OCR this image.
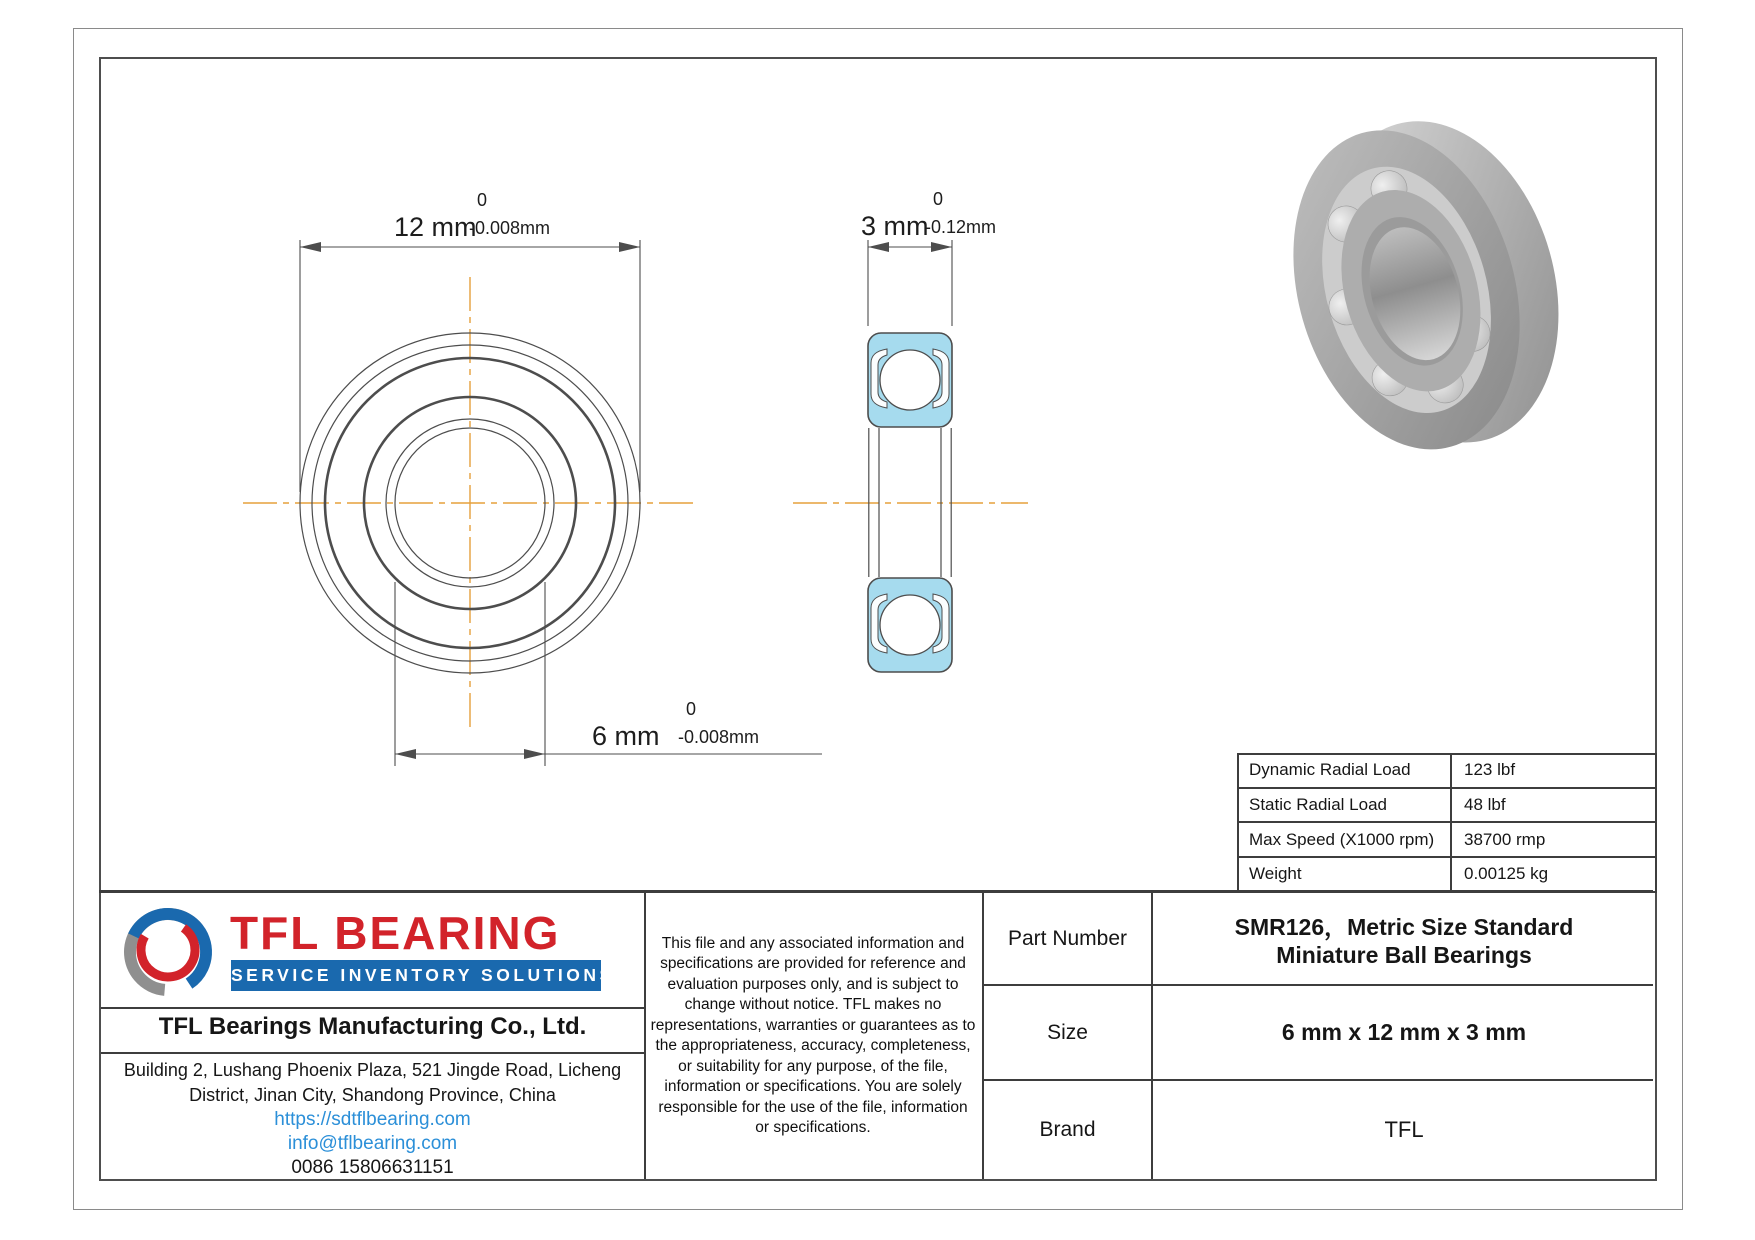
12 mm
0
-0.008mm
6 mm
0
-0.008mm
3 mm
0
-0.12mm
Dynamic Radial Load	123 lbf
Static Radial Load	48 lbf
Max Speed (X1000 rpm) 38700 rmp
Weight	0.00125 kg
TFL BEARING
SERVICE INVENTORY SOLUTIONS
TFL Bearings Manufacturing Co., Ltd.
Building 2, Lushang Phoenix Plaza, 521 Jingde Road, Licheng
District, Jinan City, Shandong Province, China
https://sdtflbearing.com
info@tflbearing.com
0086 15806631151

This file and any associated information and specifications are provided for reference and evaluation purposes only, and is subject to change without notice. TFL makes no representations, warranties or guarantees as to the appropriateness, accuracy, completeness, or suitability for any purpose, of the file, information or specifications. You are solely responsible for the use of the file, information or specifications.

Part Number	SMR126，Metric Size Standard Miniature Ball Bearings
Size	6 mm x 12 mm x 3 mm
Brand	TFL
